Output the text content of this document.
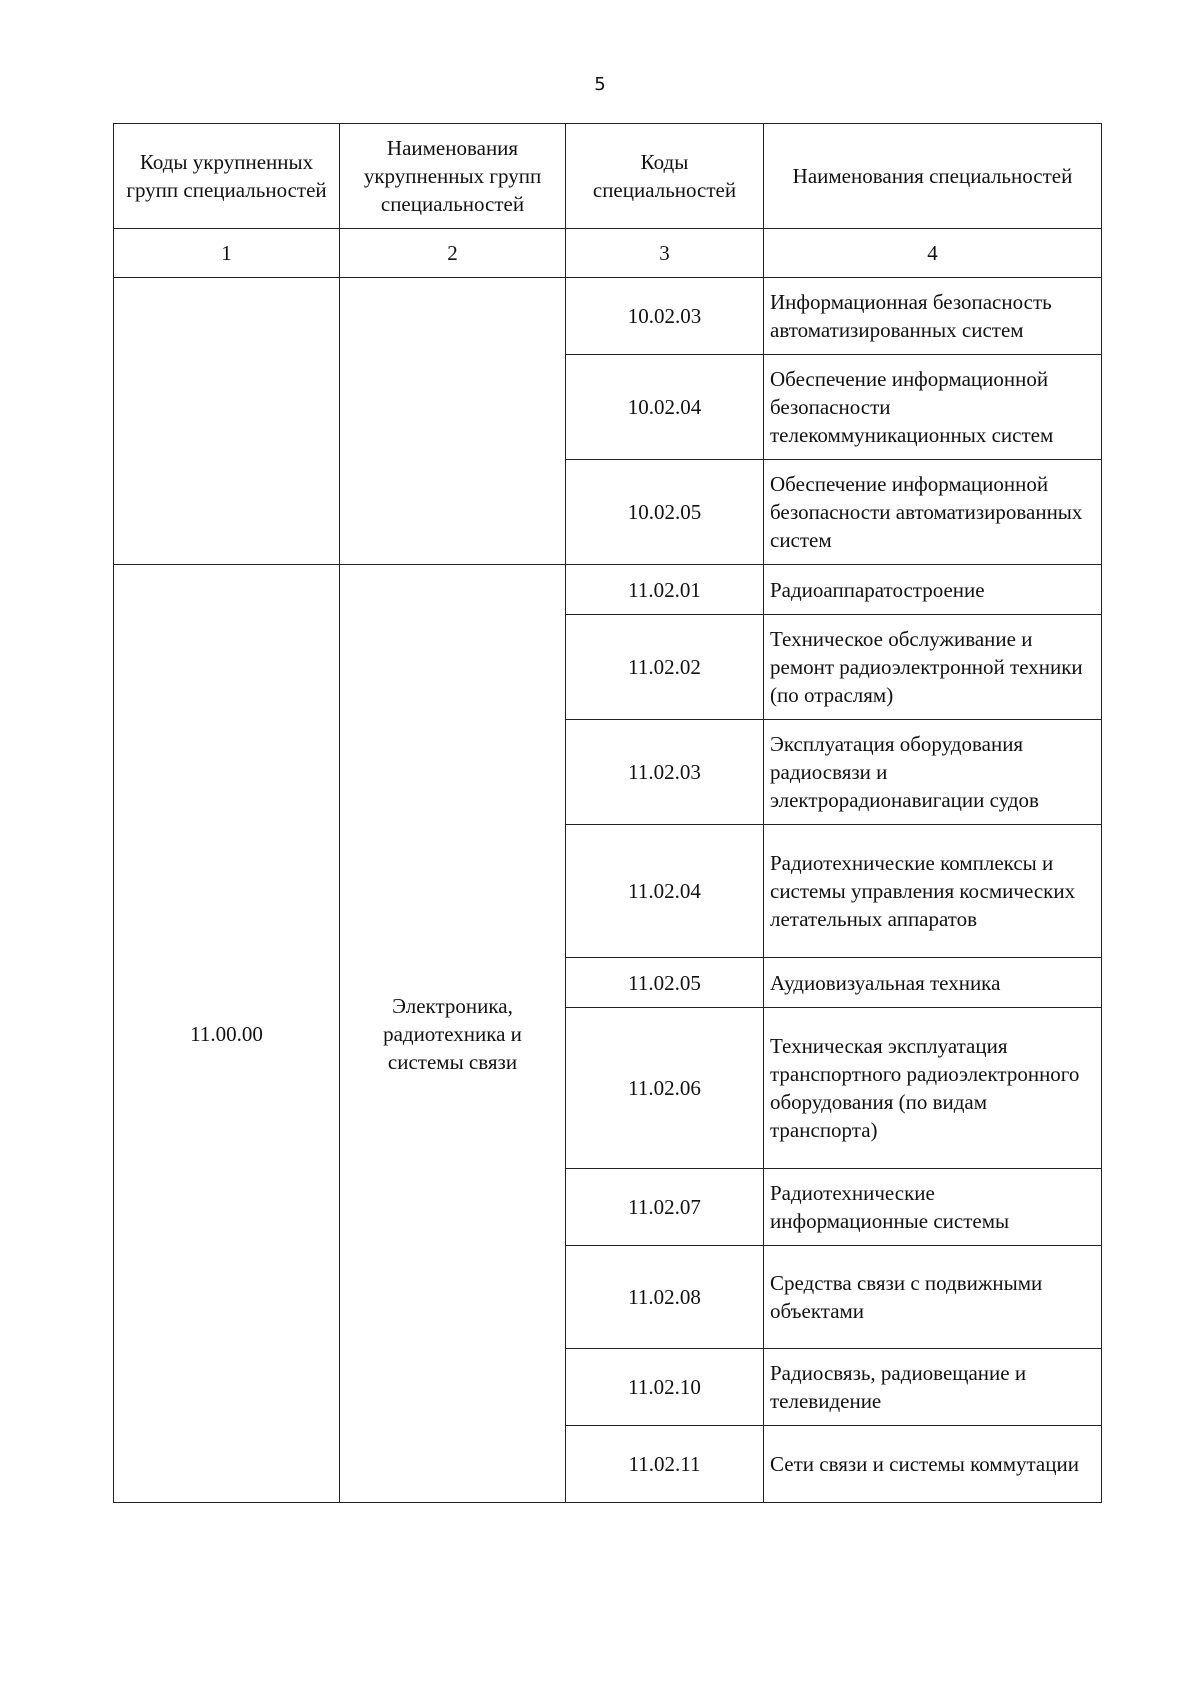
5
Коды укрупненных групп специальностей	Наименования укрупненных групп специальностей	Коды специальностей	Наименования специальностей
1	2	3	4
		10.02.03	Информационная безопасность автоматизированных систем
		10.02.04	Обеспечение информационной безопасности телекоммуникационных систем
		10.02.05	Обеспечение информационной безопасности автоматизированных систем
11.00.00	Электроника, радиотехника и системы связи	11.02.01	Радиоаппаратостроение
		11.02.02	Техническое обслуживание и ремонт радиоэлектронной техники (по отраслям)
		11.02.03	Эксплуатация оборудования радиосвязи и электрорадионавигации судов
		11.02.04	Радиотехнические комплексы и системы управления космических летательных аппаратов
		11.02.05	Аудиовизуальная техника
		11.02.06	Техническая эксплуатация транспортного радиоэлектронного оборудования (по видам транспорта)
		11.02.07	Радиотехнические информационные системы
		11.02.08	Средства связи с подвижными объектами
		11.02.10	Радиосвязь, радиовещание и телевидение
		11.02.11	Сети связи и системы коммутации
